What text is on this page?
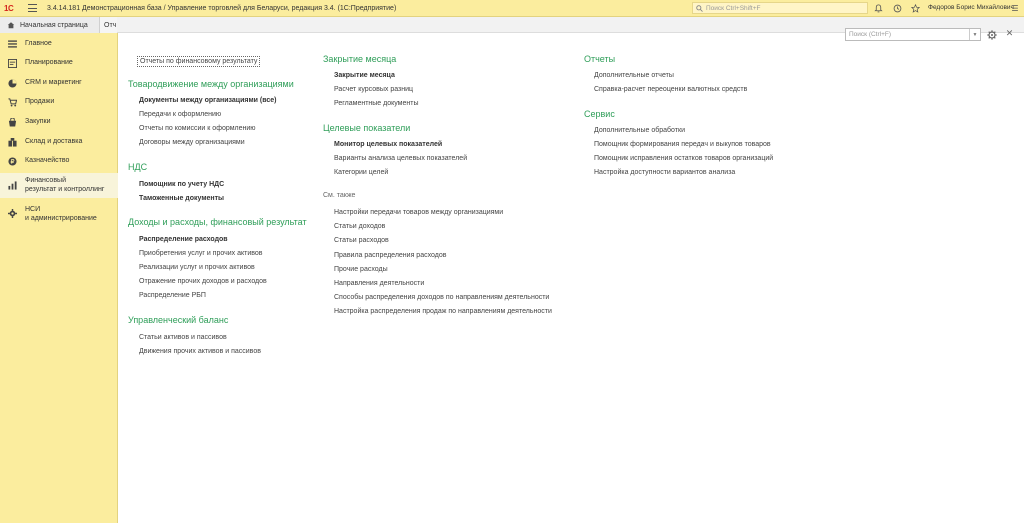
1С	3.4.14.181 Демонстрационная база / Управление торговлей для Беларуси, редакция 3.4. (1С:Предприятие)	Поиск Ctrl+Shift+F	Федоров Борис Михайлович
☰
Начальная страница	Отч
Главное
Планирование
CRM и маркетинг
Продажи
Закупки
Склад и доставка
₽ Казначейство
Финансовый
результат и контроллинг
НСИ
и администрирование
Поиск (Ctrl+F)	▼	✕
Отчеты по финансовому результату
Товародвижение между организациями
Документы между организациями (все)
Передачи к оформлению
Отчеты по комиссии к оформлению
Договоры между организациями
НДС
Помощник по учету НДС
Таможенные документы
Доходы и расходы, финансовый результат
Распределение расходов
Приобретения услуг и прочих активов
Реализации услуг и прочих активов
Отражение прочих доходов и расходов
Распределение РБП
Управленческий баланс
Статьи активов и пассивов
Движения прочих активов и пассивов
Закрытие месяца
Закрытие месяца
Расчет курсовых разниц
Регламентные документы
Целевые показатели
Монитор целевых показателей
Варианты анализа целевых показателей
Категории целей
См. также
Настройки передачи товаров между организациями
Статьи доходов
Статьи расходов
Правила распределения расходов
Прочие расходы
Направления деятельности
Способы распределения доходов по направлениям деятельности
Настройка распределения продаж по направлениям деятельности
Отчеты
Дополнительные отчеты
Справка-расчет переоценки валютных средств
Сервис
Дополнительные обработки
Помощник формирования передач и выкупов товаров
Помощник исправления остатков товаров организаций
Настройка доступности вариантов анализа
